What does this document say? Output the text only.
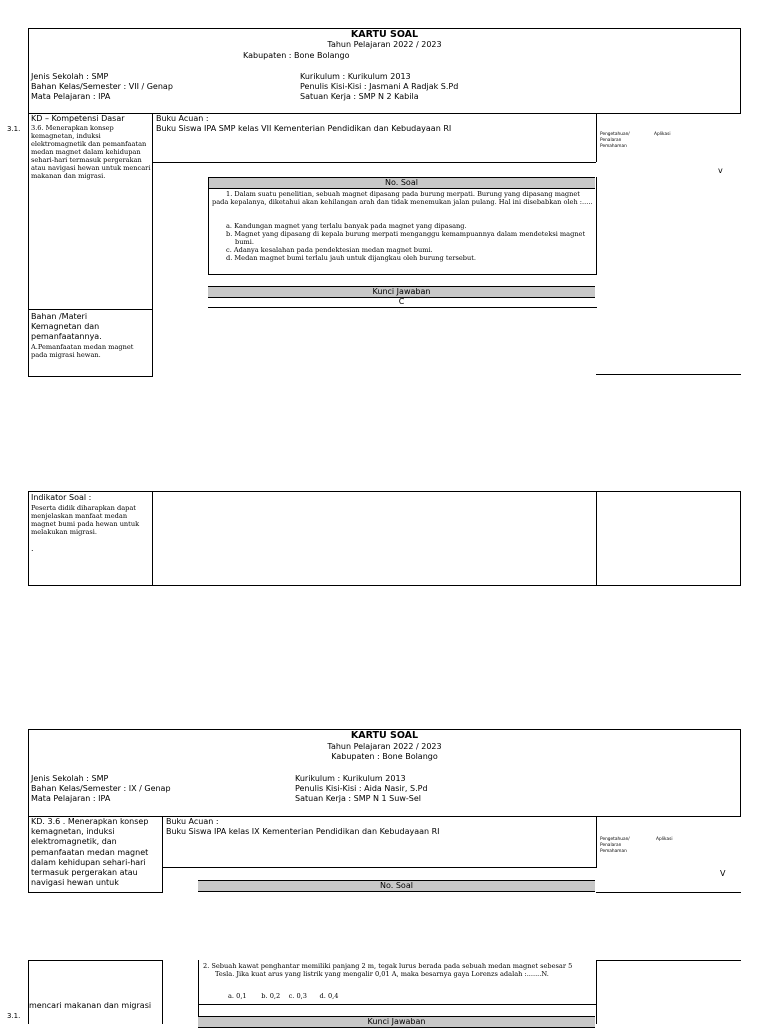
KARTU SOAL
Tahun Pelajaran 2022 / 2023
Kabupaten : Bone Bolango
Jenis Sekolah : SMP
Bahan Kelas/Semester : VII / Genap
Mata Pelajaran : IPA
Kurikulum : Kurikulum 2013
Penulis Kisi-Kisi : Jasmani A Radjak S.Pd
Satuan Kerja : SMP N 2 Kabila
3.1.
KD – Kompetensi Dasar
3.6. Menerapkan konsep kemagnetan, induksi elektromagnetik dan pemanfaatan medan magnet dalam kehidupan sehari-hari termasuk pergerakan atau navigasi hewan untuk mencari makanan dan migrasi.
Buku Acuan :
Buku Siswa IPA SMP kelas VII Kementerian Pendidikan dan Kebudayaan RI
Pengetahuan/	Aplikasi
Penalaran
Pemahaman
v
No. Soal
1. Dalam suatu penelitian, sebuah magnet dipasang pada burung merpati. Burung yang dipasang magnet pada kepalanya, diketahui akan kehilangan arah dan tidak menemukan jalan pulang. Hal ini disebabkan oleh :.....
a. Kandungan magnet yang terlalu banyak pada magnet yang dipasang.
b. Magnet yang dipasang di kepala burung merpati menganggu kemampuannya dalam mendeteksi magnet bumi.
c. Adanya kesalahan pada pendektesian medan magnet bumi.
d. Medan magnet bumi terlalu jauh untuk dijangkau oleh burung tersebut.
Kunci Jawaban
C
Bahan /Materi
Kemagnetan dan pemanfaatannya.
A.Pemanfaatan medan magnet pada migrasi hewan.
Indikator Soal :
Peserta didik diharapkan dapat menjelaskan manfaat medan magnet bumi pada hewan untuk melakukan migrasi.
.
KARTU SOAL
Tahun Pelajaran 2022 / 2023
Kabupaten : Bone Bolango
Jenis Sekolah : SMP
Bahan Kelas/Semester : IX / Genap
Mata Pelajaran : IPA
Kurikulum : Kurikulum 2013
Penulis Kisi-Kisi : Aida Nasir, S.Pd
Satuan Kerja : SMP N 1 Suw-Sel
KD. 3.6 . Menerapkan konsep kemagnetan, induksi elektromagnetik, dan pemanfaatan medan magnet dalam kehidupan sehari-hari termasuk pergerakan atau navigasi hewan untuk
Buku Acuan :
Buku Siswa IPA kelas IX Kementerian Pendidikan dan Kebudayaan RI
Pengetahuan/	Aplikasi
Penalaran
Pemahaman
V
No. Soal
3.1.
mencari makanan dan migrasi
2. Sebuah kawat penghantar memiliki panjang 2 m, tegak lurus berada pada sebuah medan magnet sebesar 5 Tesla. Jika kuat arus yang listrik yang mengalir 0,01 A, maka besarnya gaya Lorenzs adalah :.......N.
a. 0,1 b. 0,2 c. 0,3 d. 0,4
Kunci Jawaban
